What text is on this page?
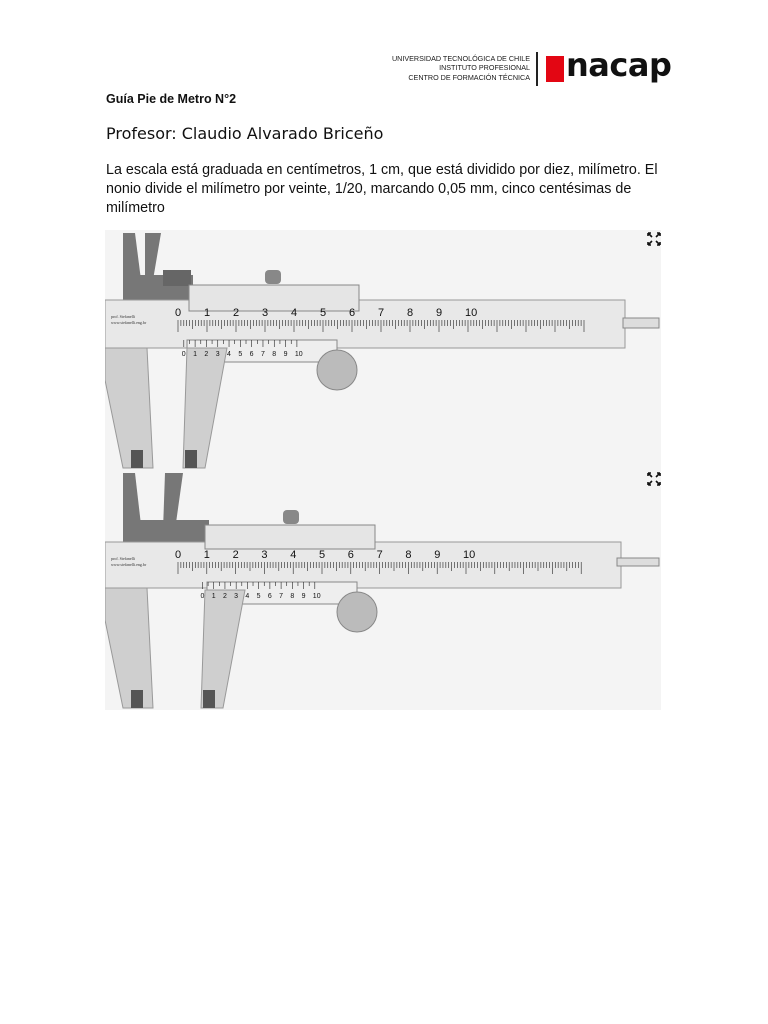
UNIVERSIDAD TECNOLÓGICA DE CHILE
INSTITUTO PROFESIONAL
CENTRO DE FORMACIÓN TÉCNICA nacap
Guía Pie de Metro N°2
Profesor: Claudio Alvarado Briceño
La escala está graduada en centímetros, 1 cm, que está dividido por diez, milímetro. El nonio divide el milímetro por veinte, 1/20, marcando 0,05 mm, cinco centésimas de milímetro
0 1 2 3 4 5 6 7 8 9 10
0 1 2 3 4 5 6 7 8 9 10
prof. Stefanelli
www.stefanelli.eng.br
0 1 2 3 4 5 6 7 8 9 10
0 1 2 3 4 5 6 7 8 9 10
prof. Stefanelli
www.stefanelli.eng.br
